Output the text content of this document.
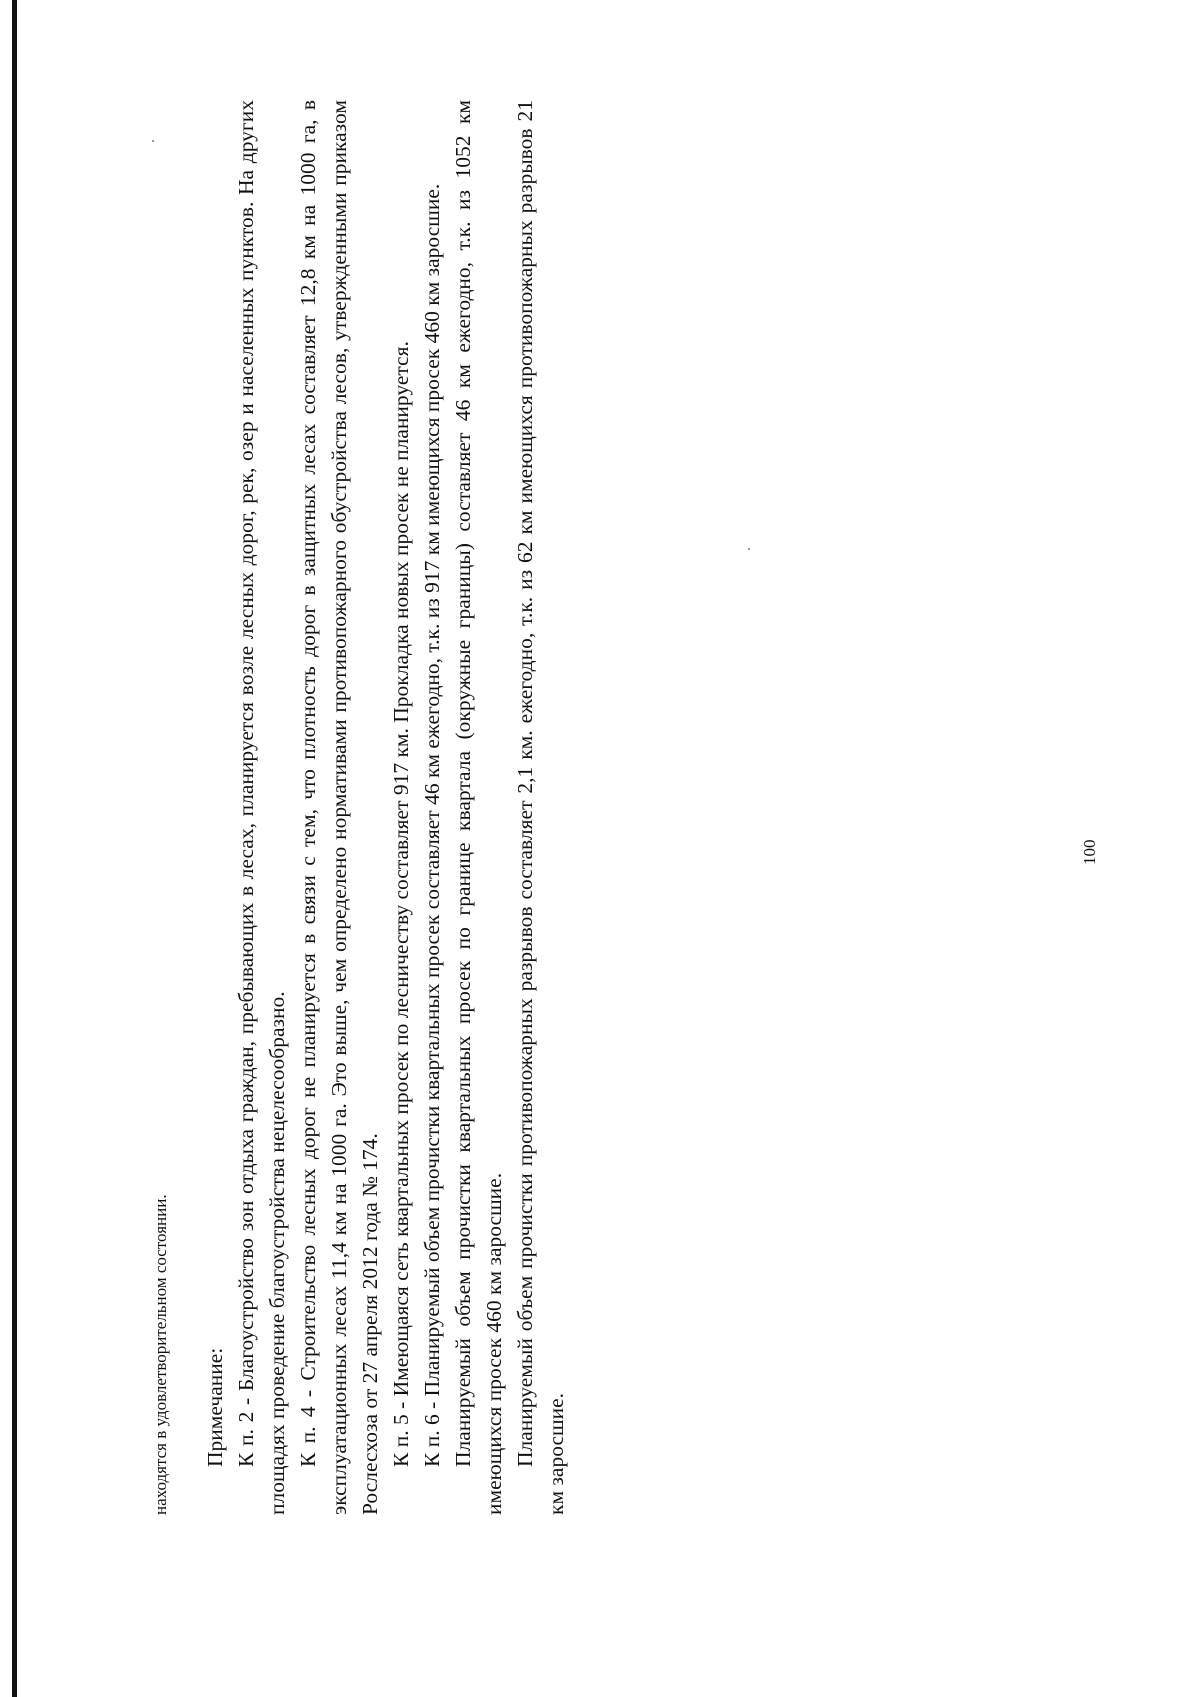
находятся в удовлетворительном состоянии. Примечание: К п. 2 - Благоустройство зон отдыха граждан, пребывающих в лесах, планируется возле лесных дорог, рек, озер и населенных пунктов. На других площадях проведение благоустройства нецелесообразно. К п. 4 - Строительство лесных дорог не планируется в связи с тем, что плотность дорог в защитных лесах составляет 12,8 км на 1000 га, в эксплуатационных лесах 11,4 км на 1000 га. Это выше, чем определено нормативами противопожарного обустройства лесов, утвержденными приказом Рослесхоза от 27 апреля 2012 года № 174. К п. 5 - Имеющаяся сеть квартальных просек по лесничеству составляет 917 км. Прокладка новых просек не планируется. К п. 6 - Планируемый объем прочистки квартальных просек составляет 46 км ежегодно, т.к. из 917 км имеющихся просек 460 км заросшие. Планируемый объем прочистки квартальных просек по границе квартала (окружные границы) составляет 46 км ежегодно, т.к. из 1052 км имеющихся просек 460 км заросшие. Планируемый объем прочистки противопожарных разрывов составляет 2,1 км. ежегодно, т.к. из 62 км имеющихся противопожарных разрывов 21 км заросшие.

100
